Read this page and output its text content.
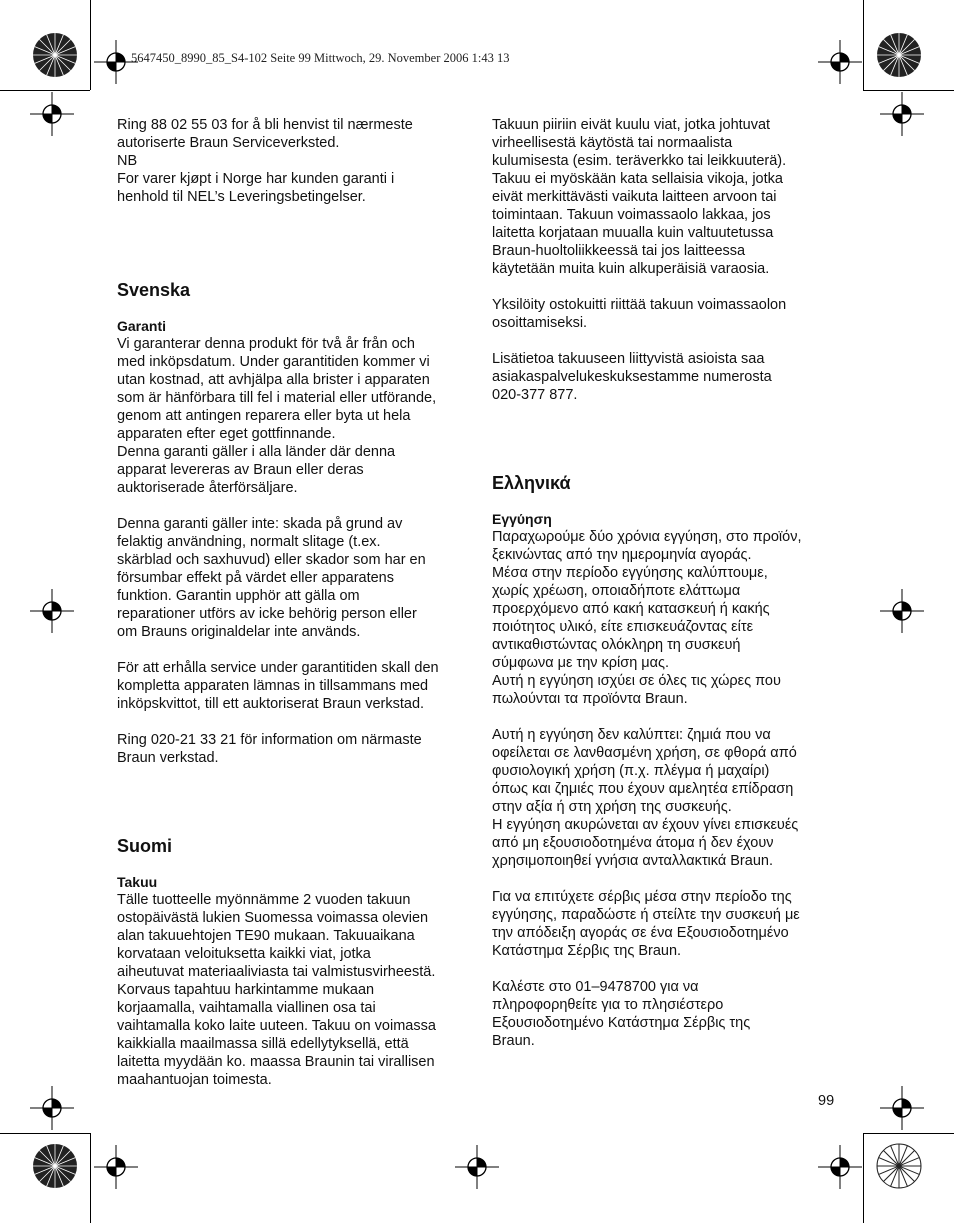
5647450_8990_85_S4-102 Seite 99 Mittwoch, 29. November 2006 1:43 13

Ring 88 02 55 03 for å bli henvist til nærmeste
autoriserte Braun Serviceverksted.
NB
For varer kjøpt i Norge har kunden garanti i
henhold til NEL’s Leveringsbetingelser.

Svenska

Garanti

Vi garanterar denna produkt för två år från och
med inköpsdatum. Under garantitiden kommer vi
utan kostnad, att avhjälpa alla brister i apparaten
som är hänförbara till fel i material eller utförande,
genom att antingen reparera eller byta ut hela
apparaten efter eget gottfinnande.
Denna garanti gäller i alla länder där denna
apparat levereras av Braun eller deras
auktoriserade återförsäljare.

Denna garanti gäller inte: skada på grund av
felaktig användning, normalt slitage (t.ex.
skärblad och saxhuvud) eller skador som har en
försumbar effekt på värdet eller apparatens
funktion. Garantin upphör att gälla om
reparationer utförs av icke behörig person eller
om Brauns originaldelar inte används.

För att erhålla service under garantitiden skall den
kompletta apparaten lämnas in tillsammans med
inköpskvittot, till ett auktoriserat Braun verkstad.

Ring 020-21 33 21 för information om närmaste
Braun verkstad.

Suomi

Takuu

Tälle tuotteelle myönnämme 2 vuoden takuun
ostopäivästä lukien Suomessa voimassa olevien
alan takuuehtojen TE90 mukaan. Takuuaikana
korvataan veloituksetta kaikki viat, jotka
aiheutuvat materiaaliviasta tai valmistusvirheestä.
Korvaus tapahtuu harkintamme mukaan
korjaamalla, vaihtamalla viallinen osa tai
vaihtamalla koko laite uuteen. Takuu on voimassa
kaikkialla maailmassa sillä edellytyksellä, että
laitetta myydään ko. maassa Braunin tai virallisen
maahantuojan toimesta.

Takuun piiriin eivät kuulu viat, jotka johtuvat
virheellisestä käytöstä tai normaalista
kulumisesta (esim. teräverkko tai leikkuuterä).
Takuu ei myöskään kata sellaisia vikoja, jotka
eivät merkittävästi vaikuta laitteen arvoon tai
toimintaan. Takuun voimassaolo lakkaa, jos
laitetta korjataan muualla kuin valtuutetussa
Braun-huoltoliikkeessä tai jos laitteessa
käytetään muita kuin alkuperäisiä varaosia.

Yksilöity ostokuitti riittää takuun voimassaolon
osoittamiseksi.

Lisätietoa takuuseen liittyvistä asioista saa
asiakaspalvelukeskuksestamme numerosta
020-377 877.

Ελληνικά

Εγγύηση

Παραχωρούμε δύο χρόνια εγγύηση, στο προϊόν,
ξεκινώντας από την ημερομηνία αγοράς.
Μέσα στην περίοδο εγγύησης καλύπτουμε,
χωρίς χρέωση, οποιαδήποτε ελάττωμα
προερχόμενο από κακή κατασκευή ή κακής
ποιότητος υλικό, είτε επισκευάζοντας είτε
αντικαθιστώντας ολόκληρη τη συσκευή
σύμφωνα με την κρίση μας.
Αυτή η εγγύηση ισχύει σε όλες τις χώρες που
πωλούνται τα προϊόντα Braun.

Αυτή η εγγύηση δεν καλύπτει: ζημιά που να
οφείλεται σε λανθασμένη χρήση, σε φθορά από
φυσιολογική χρήση (π.χ. πλέγμα ή μαχαίρι)
όπως και ζημιές που έχουν αμελητέα επίδραση
στην αξία ή στη χρήση της συσκευής.
Η εγγύηση ακυρώνεται αν έχουν γίνει επισκευές
από μη εξουσιοδοτημένα άτομα ή δεν έχουν
χρησιμοποιηθεί γνήσια ανταλλακτικά Braun.

Για να επιτύχετε σέρβις μέσα στην περίοδο της
εγγύησης, παραδώστε ή στείλτε την συσκευή με
την απόδειξη αγοράς σε ένα Εξουσιοδοτημένο
Κατάστημα Σέρβις της Braun.

Καλέστε στο 01–9478700 για να
πληροφορηθείτε για το πλησιέστερο
Εξουσιοδοτημένο Κατάστημα Σέρβις της
Braun.

99
